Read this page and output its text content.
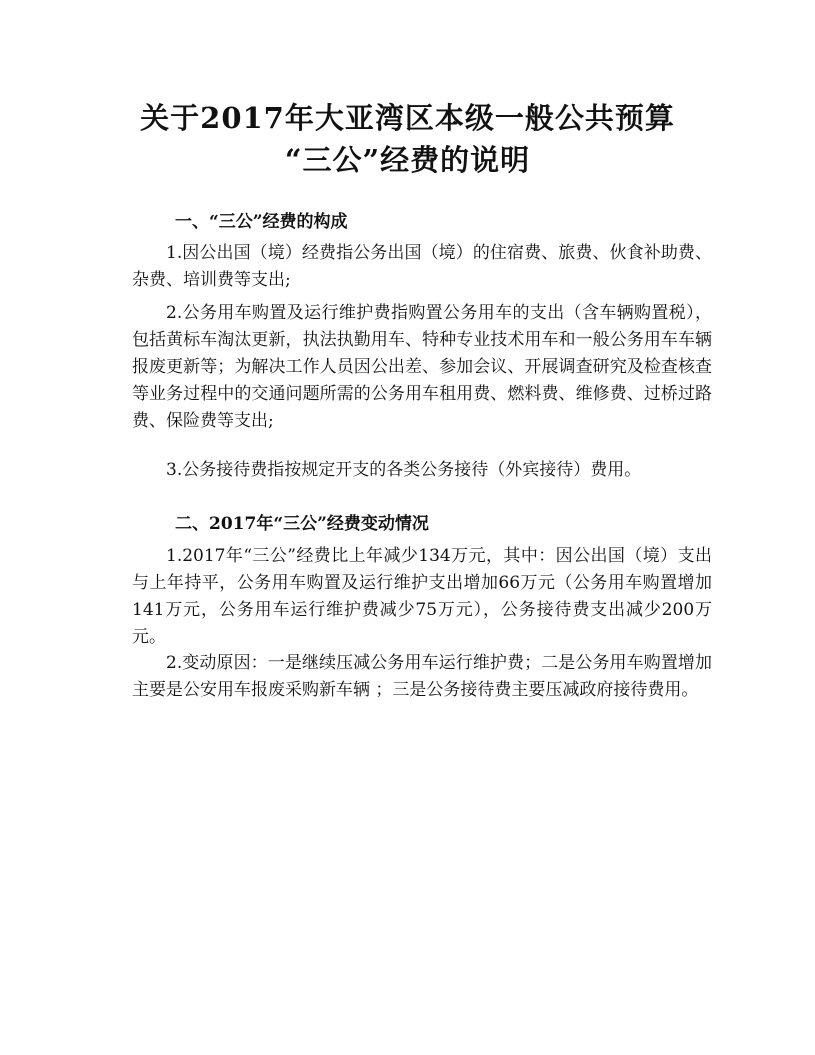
关于2017年大亚湾区本级一般公共预算
“三公”经费的说明
一、“三公”经费的构成

1.因公出国（境）经费指公务出国（境）的住宿费、旅费、伙食补助费、杂费、培训费等支出;

2.公务用车购置及运行维护费指购置公务用车的支出（含车辆购置税），包括黄标车淘汰更新，执法执勤用车、特种专业技术用车和一般公务用车车辆报废更新等；为解决工作人员因公出差、参加会议、开展调查研究及检查核查等业务过程中的交通问题所需的公务用车租用费、燃料费、维修费、过桥过路费、保险费等支出;

3.公务接待费指按规定开支的各类公务接待（外宾接待）费用。

二、2017年“三公”经费变动情况

1.2017年“三公”经费比上年减少134万元，其中：因公出国（境）支出与上年持平，公务用车购置及运行维护支出增加66万元（公务用车购置增加141万元，公务用车运行维护费减少75万元），公务接待费支出减少200万元。

2.变动原因：一是继续压减公务用车运行维护费；二是公务用车购置增加主要是公安用车报废采购新车辆 ；三是公务接待费主要压减政府接待费用。
